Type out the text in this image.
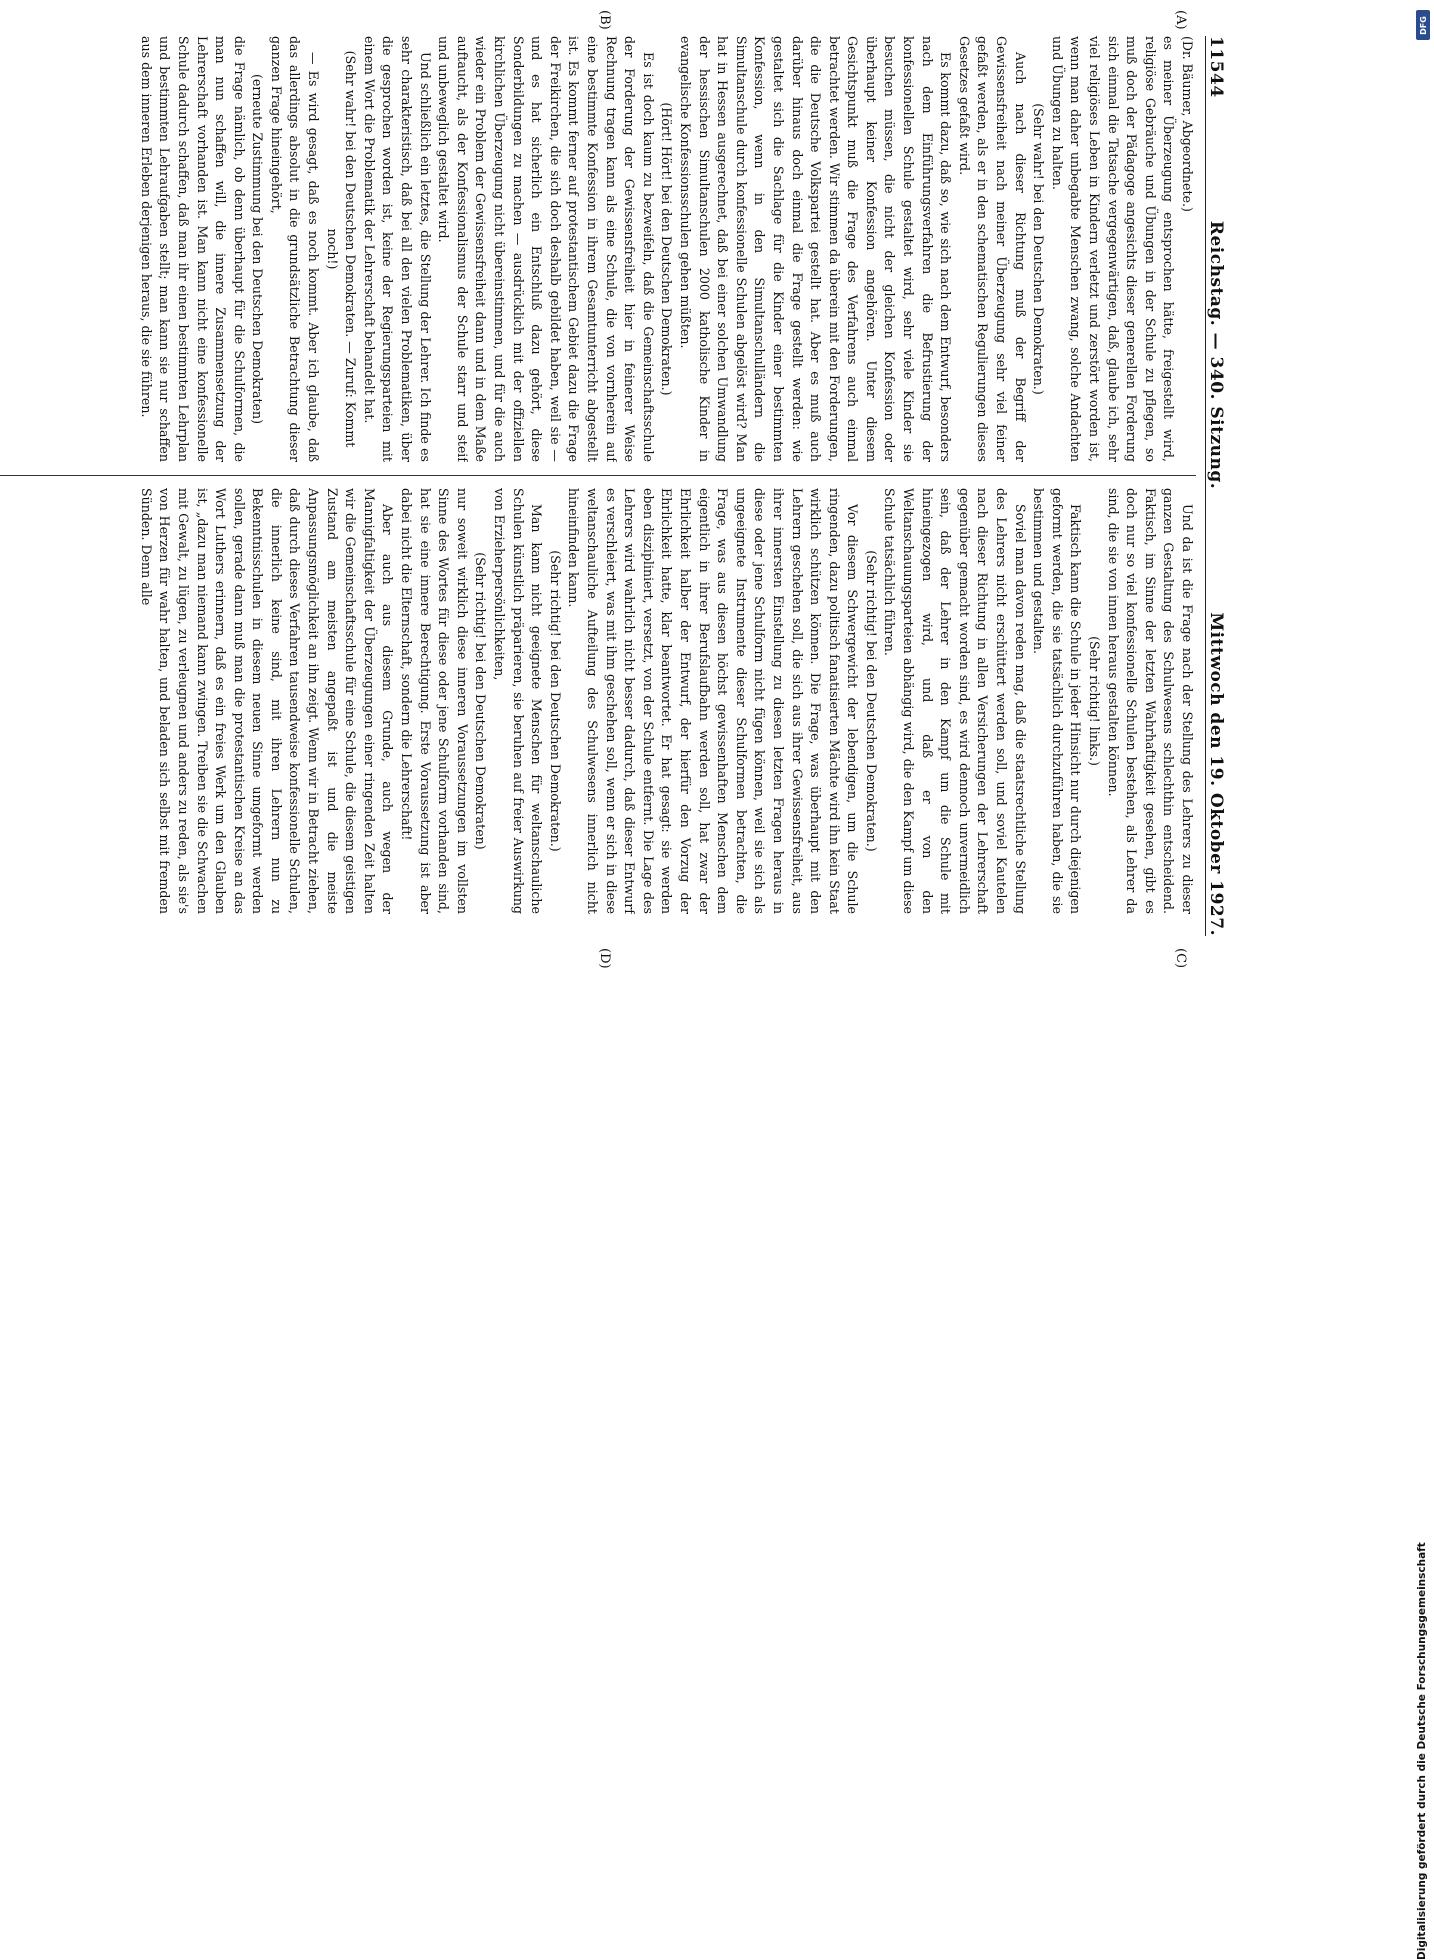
11544
Reichstag. — 340. Sitzung.
Mittwoch den 19. Oktober 1927.
(A)
(B)
(C)
(D)

(Dr. Bäumer, Abgeordnete.)

es meiner Überzeugung entsprochen hätte, freigestellt wird, religiöse Gebräuche und Übungen in der Schule zu pflegen, so muß doch der Pädagoge angesichts dieser generellen Forderung sich einmal die Tatsache vergegenwärtigen, daß, glaube ich, sehr viel religiöses Leben in Kindern verletzt und zerstört worden ist, wenn man daher unbegabte Menschen zwang, solche Andachten und Übungen zu halten.

(Sehr wahr! bei den Deutschen Demokraten.)

Auch nach dieser Richtung muß der Begriff der Gewissensfreiheit nach meiner Überzeugung sehr viel feiner gefaßt werden, als er in den schematischen Regulierungen dieses Gesetzes gefaßt wird.

Es kommt dazu, daß so, wie sich nach dem Entwurf, besonders nach dem Einführungsverfahren die Befrustierung der konfessionellen Schule gestaltet wird, sehr viele Kinder sie besuchen müssen, die nicht der gleichen Konfession oder überhaupt keiner Konfession angehören. Unter diesem Gesichtspunkt muß die Frage des Verfahrens auch einmal betrachtet werden. Wir stimmen da überein mit den Forderungen, die die Deutsche Volkspartei gestellt hat. Aber es muß auch darüber hinaus doch einmal die Frage gestellt werden: wie gestaltet sich die Sachlage für die Kinder einer bestimmten Konfession, wenn in den Simultanschulländern die Simultanschule durch konfessionelle Schulen abgelöst wird? Man hat in Hessen ausgerechnet, daß bei einer solchen Umwandlung der hessischen Simultanschulen 2000 katholische Kinder in evangelische Konfessionsschulen gehen müßten.

(Hört! Hört! bei den Deutschen Demokraten.)

Es ist doch kaum zu bezweifeln, daß die Gemeinschaftsschule der Forderung der Gewissensfreiheit hier in feinerer Weise Rechnung tragen kann als eine Schule, die von vornherein auf eine bestimmte Konfession in ihrem Gesamtunterricht abgestellt ist. Es kommt ferner auf protestantischem Gebiet dazu die Frage der Freikirchen, die sich doch deshalb gebildet haben, weil sie — und es hat sicherlich ein Entschluß dazu gehört, diese Sonderbildungen zu machen — ausdrücklich mit der offiziellen kirchlichen Überzeugung nicht übereinstimmen, und für die auch wieder ein Problem der Gewissensfreiheit dann und in dem Maße auftaucht, als der Konfessionalismus der Schule starr und steif und unbeweglich gestaltet wird.

Und schließlich ein letztes, die Stellung der Lehrer. Ich finde es sehr charakteristisch, daß bei all den vielen Problematiken, über die gesprochen worden ist, keine der Regierungsparteien mit einem Wort die Problematik der Lehrerschaft behandelt hat.

(Sehr wahr! bei den Deutschen Demokraten. — Zuruf: Kommt noch!)

— Es wird gesagt, daß es noch kommt. Aber ich glaube, daß das allerdings absolut in die grundsätzliche Betrachtung dieser ganzen Frage hineingehört,

(erneute Zustimmung bei den Deutschen Demokraten)

die Frage nämlich, ob denn überhaupt für die Schulformen, die man nun schaffen will, die innere Zusammensetzung der Lehrerschaft vorhanden ist. Man kann nicht eine konfessionelle Schule dadurch schaffen, daß man ihr einen bestimmten Lehrplan und bestimmten Lehraufgaben stellt; man kann sie nur schaffen aus dem inneren Erleben derjenigen heraus, die sie führen.

Und da ist die Frage nach der Stellung des Lehrers zu dieser ganzen Gestaltung des Schulwesens schlechthin entscheidend. Faktisch, im Sinne der letzten Wahrhaftigkeit gesehen, gibt es doch nur so viel konfessionelle Schulen bestehen, als Lehrer da sind, die sie von innen heraus gestalten können.

(Sehr richtig! links.)

Faktisch kann die Schule in jeder Hinsicht nur durch diejenigen geformt werden, die sie tatsächlich durchzuführen haben, die sie bestimmen und gestalten.

Soviel man davon reden mag, daß die staatsrechtliche Stellung des Lehrers nicht erschüttert werden soll, und soviel Kautelen nach dieser Richtung in allen Versicherungen der Lehrerschaft gegenüber gemacht worden sind, es wird dennoch unvermeidlich sein, daß der Lehrer in den Kampf um die Schule mit hineingezogen wird, und daß er von den Weltanschauungsparteien abhängig wird, die den Kampf um diese Schule tatsächlich führen.

(Sehr richtig! bei den Deutschen Demokraten.)

Vor diesem Schwergewicht der lebendigen, um die Schule ringenden, dazu politisch fanatisierten Mächte wird ihn kein Staat wirklich schützen können. Die Frage, was überhaupt mit den Lehrern geschehen soll, die sich aus ihrer Gewissensfreiheit, aus ihrer innersten Einstellung zu diesen letzten Fragen heraus in diese oder jene Schulform nicht fügen können, weil sie sich als ungeeignete Instrumente dieser Schulformen betrachten, die Frage, was aus diesen höchst gewissenhaften Menschen dem eigentlich in ihrer Berufslaufbahn werden soll, hat zwar der Ehrlichkeit halber der Entwurf, der hierfür den Vorzug der Ehrlichkeit hatte, klar beantwortet. Er hat gesagt: sie werden eben diszipliniert, versetzt, von der Schule entfernt. Die Lage des Lehrers wird wahrlich nicht besser dadurch, daß dieser Entwurf es verschleiert, was mit ihm geschehen soll, wenn er sich in diese weltanschauliche Aufteilung des Schulwesens innerlich nicht hineinfinden kann.

(Sehr richtig! bei den Deutschen Demokraten.)

Man kann nicht geeignete Menschen für weltanschauliche Schulen künstlich präparieren, sie beruhen auf freier Auswirkung von Erzieherpersönlichkeiten,

(Sehr richtig! bei den Deutschen Demokraten)

nur soweit wirklich diese inneren Voraussetzungen im vollsten Sinne des Wortes für diese oder jene Schulform vorhanden sind, hat sie eine innere Berechtigung. Erste Voraussetzung ist aber dabei nicht die Elternschaft, sondern die Lehrerschaft!

Aber auch aus diesem Grunde, auch wegen der Mannigfaltigkeit der Überzeugungen einer ringenden Zeit halten wir die Gemeinschaftsschule für eine Schule, die diesem geistigen Zustand am meisten angepaßt ist und die meiste Anpassungsmöglichkeit an ihn zeigt. Wenn wir in Betracht ziehen, daß durch dieses Verfahren tausendweise konfessionelle Schulen, die innerlich keine sind, mit ihren Lehrern nun zu Bekenntnisschulen in diesem neuen Sinne umgeformt werden sollen, gerade dann muß man die protestantischen Kreise an das Wort Luthers erinnern, daß es ein freies Werk um den Glauben ist, „dazu man niemand kann zwingen. Treiben sie die Schwachen mit Gewalt, zu lügen, zu verleugnen und anders zu reden, als sie's von Herzen für wahr halten, und beladen sich selbst mit fremden Sünden. Denn alle

DFG
Digitalisierung gefördert durch die Deutsche Forschungsgemeinschaft
